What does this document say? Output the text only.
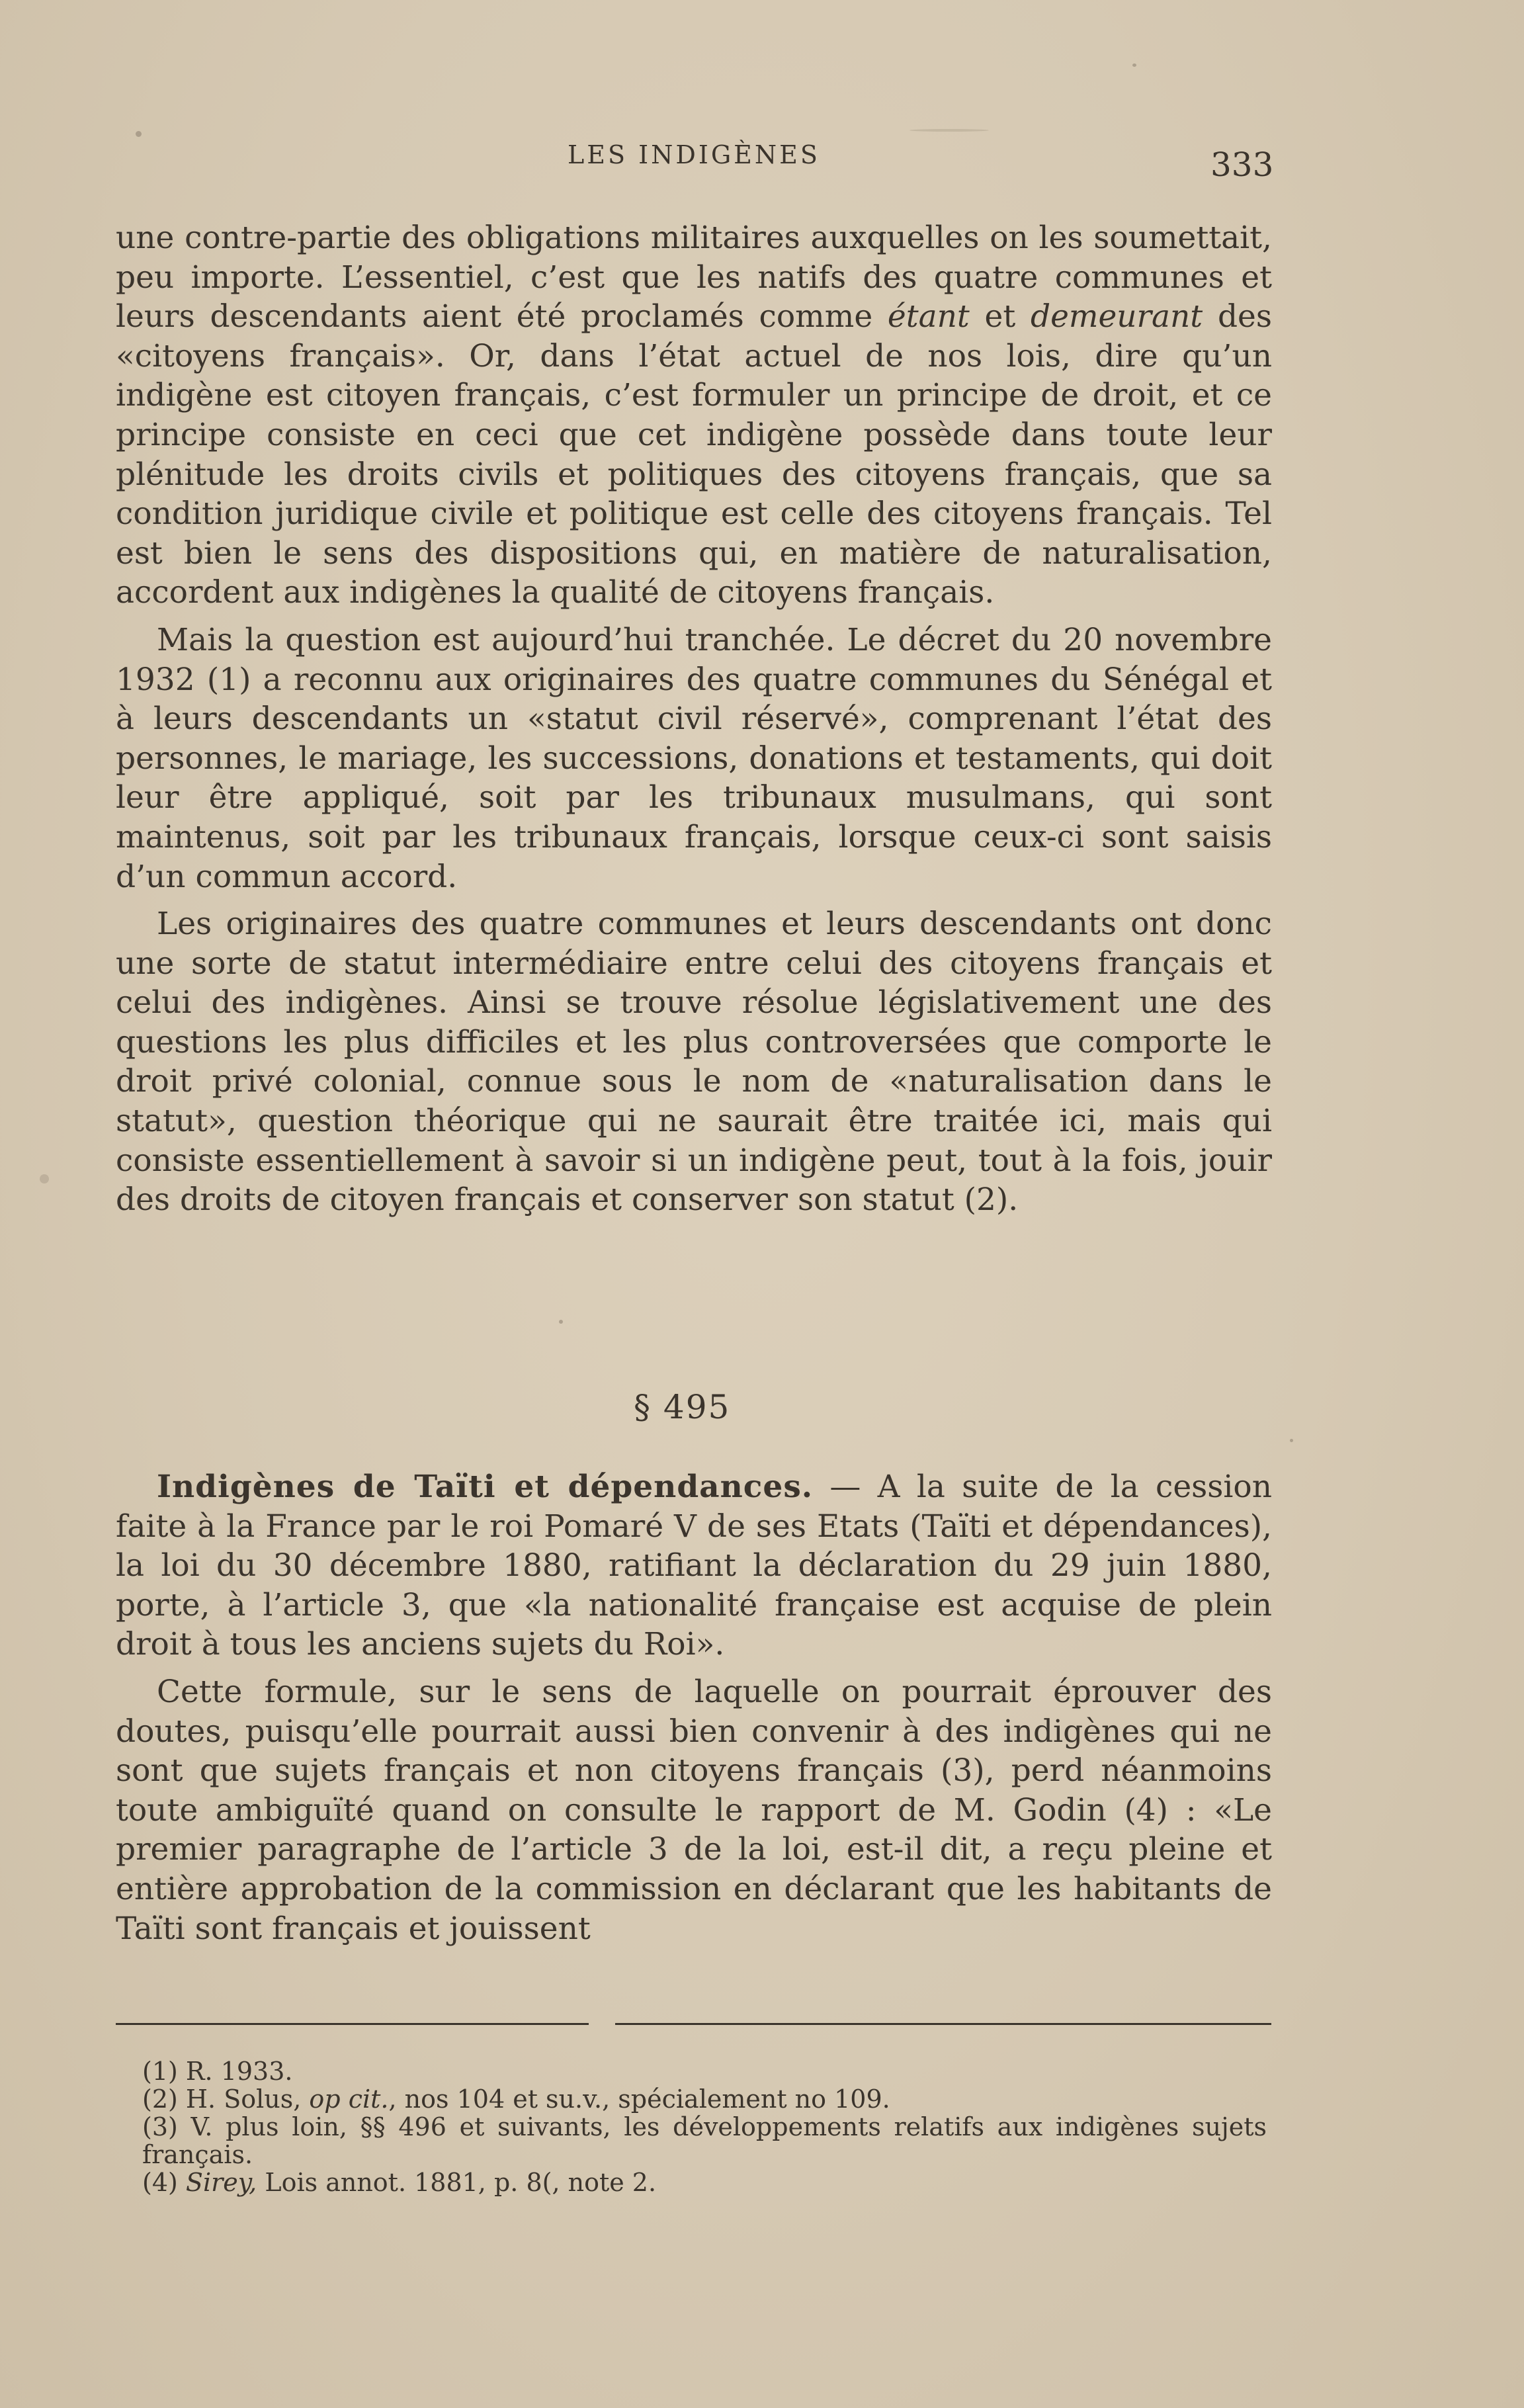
LES INDIGÈNES	333

une contre-partie des obligations militaires auxquelles on les soumettait, peu importe. L’essentiel, c’est que les natifs des quatre communes et leurs descendants aient été proclamés comme étant et demeurant des «citoyens français». Or, dans l’état actuel de nos lois, dire qu’un indigène est citoyen français, c’est formuler un principe de droit, et ce principe consiste en ceci que cet indigène possède dans toute leur plénitude les droits civils et politiques des citoyens français, que sa condition juridique civile et politique est celle des citoyens français. Tel est bien le sens des dispositions qui, en matière de naturalisation, accordent aux indigènes la qualité de citoyens français.

Mais la question est aujourd’hui tranchée. Le décret du 20 novembre 1932 (1) a reconnu aux originaires des quatre communes du Sénégal et à leurs descendants un «statut civil réservé», comprenant l’état des personnes, le mariage, les successions, donations et testaments, qui doit leur être appliqué, soit par les tribunaux musulmans, qui sont maintenus, soit par les tribunaux français, lorsque ceux-ci sont saisis d’un commun accord.

Les originaires des quatre communes et leurs descendants ont donc une sorte de statut intermédiaire entre celui des citoyens français et celui des indigènes. Ainsi se trouve résolue législativement une des questions les plus difficiles et les plus controversées que comporte le droit privé colonial, connue sous le nom de «naturalisation dans le statut», question théorique qui ne saurait être traitée ici, mais qui consiste essentiellement à savoir si un indigène peut, tout à la fois, jouir des droits de citoyen français et conserver son statut (2).

§ 495

Indigènes de Taïti et dépendances. — A la suite de la cession faite à la France par le roi Pomaré V de ses Etats (Taïti et dépendances), la loi du 30 décembre 1880, ratifiant la déclaration du 29 juin 1880, porte, à l’article 3, que «la nationalité française est acquise de plein droit à tous les anciens sujets du Roi».

Cette formule, sur le sens de laquelle on pourrait éprouver des doutes, puisqu’elle pourrait aussi bien convenir à des indigènes qui ne sont que sujets français et non citoyens français (3), perd néanmoins toute ambiguïté quand on consulte le rapport de M. Godin (4) : «Le premier paragraphe de l’article 3 de la loi, est-il dit, a reçu pleine et entière approbation de la commission en déclarant que les habitants de Taïti sont français et jouissent

(1) R. 1933.

(2) H. Solus, op cit., nos 104 et su.v., spécialement no 109.

(3) V. plus loin, §§ 496 et suivants, les développements relatifs aux indigènes sujets français.

(4) Sirey, Lois annot. 1881, p. 8(, note 2.
